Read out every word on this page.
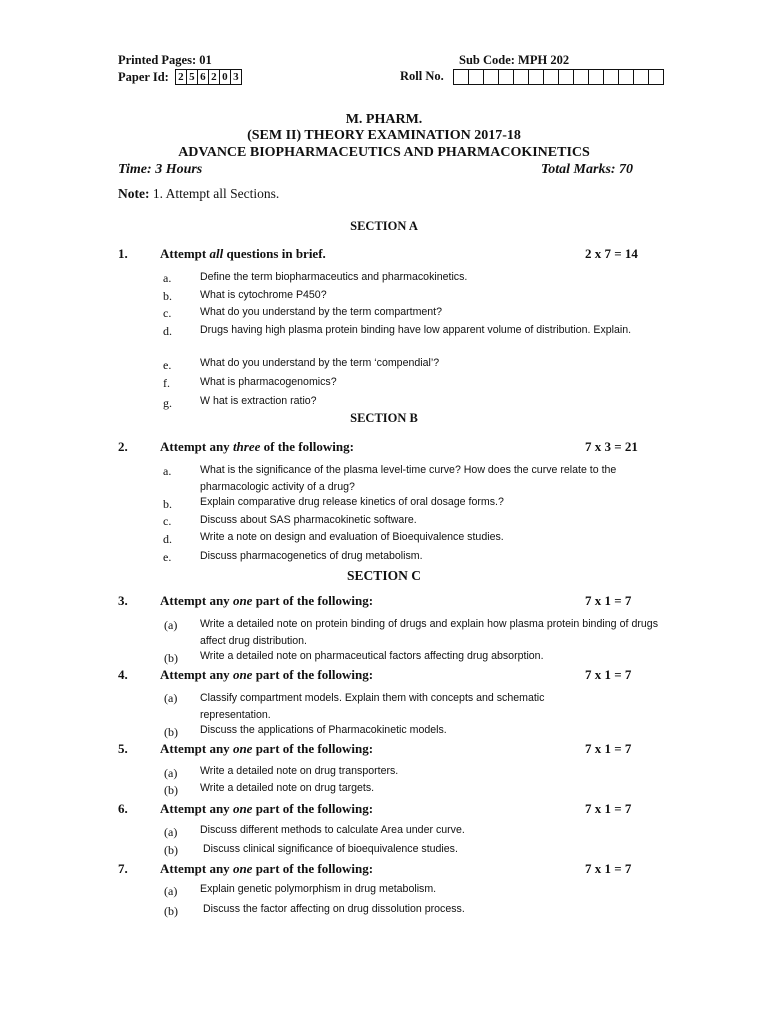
Printed Pages: 01	Sub Code: MPH 202
Paper Id: 2 5 6 2 0 3	Roll No.
M. PHARM.
(SEM II) THEORY EXAMINATION 2017-18
ADVANCE BIOPHARMACEUTICS AND PHARMACOKINETICS
Time: 3 Hours	Total Marks: 70
Note: 1. Attempt all Sections.
SECTION A
1. Attempt all questions in brief.	2 x 7 = 14
a.	Define the term biopharmaceutics and pharmacokinetics.
b.	What is cytochrome P450?
c.	What do you understand by the term compartment?
d.	Drugs having high plasma protein binding have low apparent volume of distribution. Explain.
e.	What do you understand by the term ‘compendial’?
f.	What is pharmacogenomics?
g.	W hat is extraction ratio?
SECTION B
2. Attempt any three of the following:	7 x 3 = 21
a.	What is the significance of the plasma level-time curve? How does the curve relate to the pharmacologic activity of a drug?
b.	Explain comparative drug release kinetics of oral dosage forms.?
c.	Discuss about SAS pharmacokinetic software.
d.	Write a note on design and evaluation of Bioequivalence studies.
e.	Discuss pharmacogenetics of drug metabolism.
SECTION C
3. Attempt any one part of the following:	7 x 1 = 7
(a) Write a detailed note on protein binding of drugs and explain how plasma protein binding of drugs affect drug distribution.
(b) Write a detailed note on pharmaceutical factors affecting drug absorption.
4. Attempt any one part of the following:	7 x 1 = 7
(a) Classify compartment models. Explain them with concepts and schematic representation.
(b) Discuss the applications of Pharmacokinetic models.
5. Attempt any one part of the following:	7 x 1 = 7
(a) Write a detailed note on drug transporters.
(b) Write a detailed note on drug targets.
6. Attempt any one part of the following:	7 x 1 = 7
(a) Discuss different methods to calculate Area under curve.
(b) Discuss clinical significance of bioequivalence studies.
7. Attempt any one part of the following:	7 x 1 = 7
(a) Explain genetic polymorphism in drug metabolism.
(b) Discuss the factor affecting on drug dissolution process.
